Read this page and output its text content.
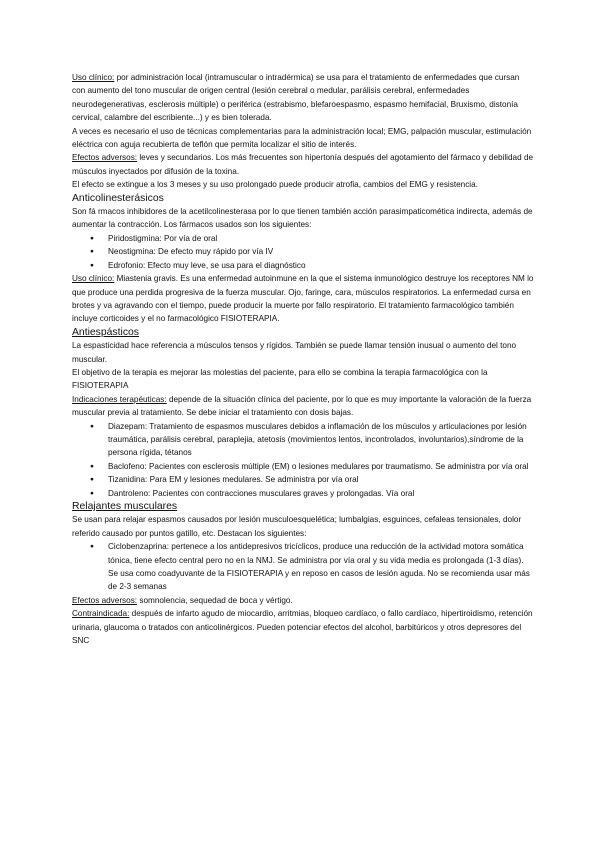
Uso clínico: por administración local (intramuscular o intradérmica) se usa para el tratamiento de enfermedades que cursan con aumento del tono muscular de origen central (lesión cerebral o medular, parálisis cerebral, enfermedades neurodegenerativas, esclerosis múltiple) o periférica (estrabismo, blefaroespasmo, espasmo hemifacial, Bruxismo, distonía cervical, calambre del escribiente...) y es bien tolerada.

A veces es necesario el uso de técnicas complementarias para la administración local; EMG, palpación muscular, estimulación eléctrica con aguja recubierta de teflón que permita localizar el sitio de interés.

Efectos adversos: leves y secundarios. Los más frecuentes son hipertonía después del agotamiento del fármaco y debilidad de músculos inyectados por difusión de la toxina.

El efecto se extingue a los 3 meses y su uso prolongado puede producir atrofia, cambios del EMG y resistencia.

Anticolinesterásicos

Son fá rmacos inhibidores de la acetilcolinesterasa por lo que tienen también acción parasimpaticomética indirecta, además de aumentar la contracción. Los fármacos usados son los siguientes:

● Piridostigmina: Por vía de oral
● Neostigmina: De efecto muy rápido por vía IV
● Edrofonio: Efecto muy leve, se usa para el diagnóstico

Uso clínico: Miastenia gravis. Es una enfermedad autoinmune en la que el sistema inmunológico destruye los receptores NM lo que produce una perdida progresiva de la fuerza muscular. Ojo, faringe, cara, músculos respiratorios. La enfermedad cursa en brotes y va agravando con el tiempo, puede producir la muerte por fallo respiratorio. El tratamiento farmacológico también incluye corticoides y el no farmacológico FISIOTERAPIA.

Antiespásticos

La espasticidad hace referencia a músculos tensos y rígidos. También se puede llamar tensión inusual o aumento del tono muscular.

El objetivo de la terapia es mejorar las molestias del paciente, para ello se combina la terapia farmacológica con la FISIOTERAPIA

Indicaciones terapéuticas: depende de la situación clínica del paciente, por lo que es muy importante la valoración de la fuerza muscular previa al tratamiento. Se debe iniciar el tratamiento con dosis bajas.

● Diazepam: Tratamiento de espasmos musculares debidos a inflamación de los músculos y articulaciones por lesión traumática, parálisis cerebral, paraplejia, atetosis (movimientos lentos, incontrolados, involuntarios),síndrome de la persona rígida, tétanos
● Baclofeno: Pacientes con esclerosis múltiple (EM) o lesiones medulares por traumatismo. Se administra por vía oral
● Tizanidina: Para EM y lesiones medulares. Se administra por vía oral
● Dantroleno: Pacientes con contracciones musculares graves y prolongadas. Vía oral

Relajantes musculares

Se usan para relajar espasmos causados por lesión musculoesquelética; lumbalgias, esguinces, cefaleas tensionales, dolor referido causado por puntos gatillo, etc. Destacan los siguientes:

● Ciclobenzaprina: pertenece a los antidepresivos tricíclicos, produce una reducción de la actividad motora somática tónica, tiene efecto central pero no en la NMJ. Se administra por vía oral y su vida media es prolongada (1-3 días). Se usa como coadyuvante de la FISIOTERAPIA y en reposo en casos de lesión aguda. No se recomienda usar más de 2-3 semanas

Efectos adversos: somnolencia, sequedad de boca y vértigo.

Contraindicada: después de infarto agudo de miocardio, arritmias, bloqueo cardíaco, o fallo cardíaco, hipertiroidismo, retención urinaria, glaucoma o tratados con anticolinérgicos. Pueden potenciar efectos del alcohol, barbitúricos y otros depresores del SNC
